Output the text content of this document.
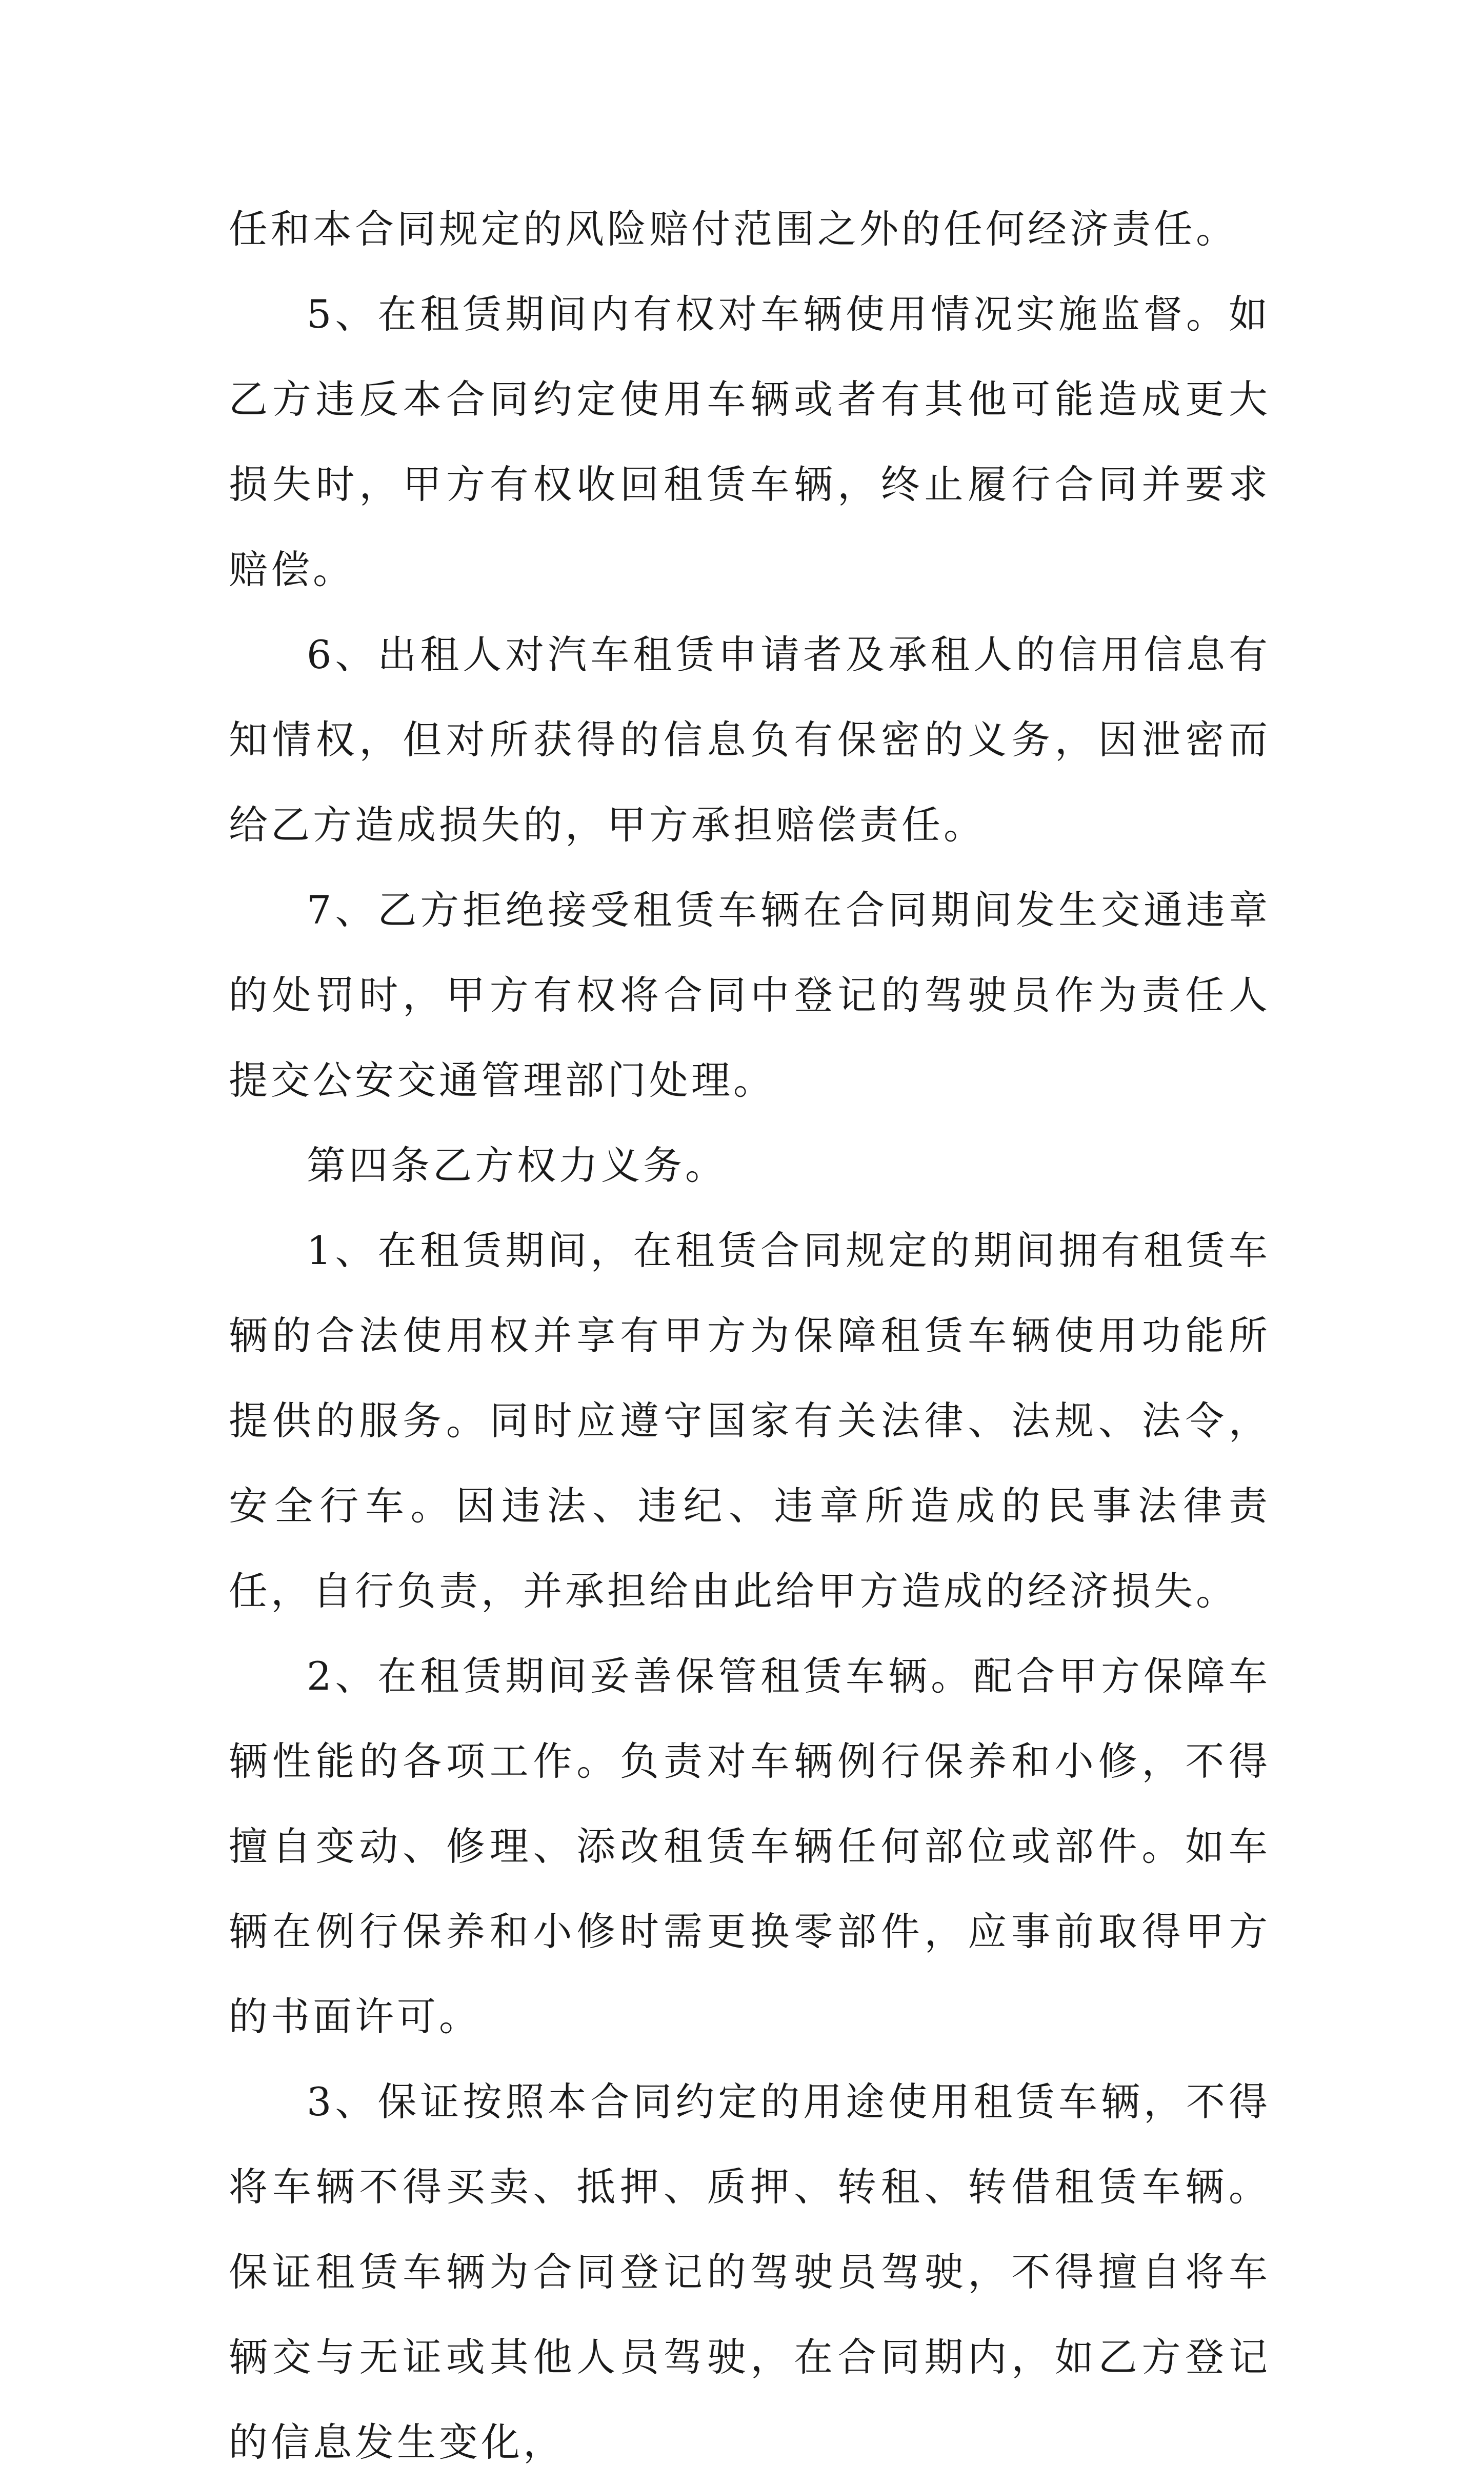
任和本合同规定的风险赔付范围之外的任何经济责任。

5、在租赁期间内有权对车辆使用情况实施监督。如乙方违反本合同约定使用车辆或者有其他可能造成更大损失时，甲方有权收回租赁车辆，终止履行合同并要求赔偿。

6、出租人对汽车租赁申请者及承租人的信用信息有知情权，但对所获得的信息负有保密的义务，因泄密而给乙方造成损失的，甲方承担赔偿责任。

7、乙方拒绝接受租赁车辆在合同期间发生交通违章的处罚时，甲方有权将合同中登记的驾驶员作为责任人提交公安交通管理部门处理。

第四条乙方权力义务。

1、在租赁期间，在租赁合同规定的期间拥有租赁车辆的合法使用权并享有甲方为保障租赁车辆使用功能所提供的服务。同时应遵守国家有关法律、法规、法令，安全行车。因违法、违纪、违章所造成的民事法律责任，自行负责，并承担给由此给甲方造成的经济损失。

2、在租赁期间妥善保管租赁车辆。配合甲方保障车辆性能的各项工作。负责对车辆例行保养和小修，不得擅自变动、修理、添改租赁车辆任何部位或部件。如车辆在例行保养和小修时需更换零部件，应事前取得甲方的书面许可。

3、保证按照本合同约定的用途使用租赁车辆，不得将车辆不得买卖、抵押、质押、转租、转借租赁车辆。保证租赁车辆为合同登记的驾驶员驾驶，不得擅自将车辆交与无证或其他人员驾驶，在合同期内，如乙方登记的信息发生变化，
